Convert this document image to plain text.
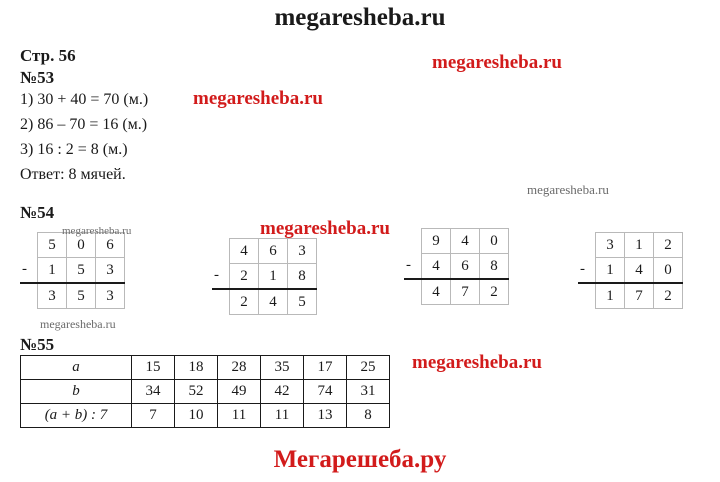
megaresheba.ru
Стр. 56
№53
1) 30 + 40 = 70 (м.)
2) 86 – 70 = 16 (м.)
3) 16 : 2 = 8 (м.)
Ответ: 8 мячей.
№54
	5	0	6
-	1	5	3
	3	5	3
	4	6	3
-	2	1	8
	2	4	5
	9	4	0
-	4	6	8
	4	7	2
	3	1	2
-	1	4	0
	1	7	2
№55
a	15	18	28	35	17	25
b	34	52	49	42	74	31
(a + b) : 7	7	10	11	11	13	8
Мегарешеба.ру
megaresheba.ru
megaresheba.ru
megaresheba.ru
megaresheba.ru	megaresheba.ru
megaresheba.ru
megaresheba.ru
